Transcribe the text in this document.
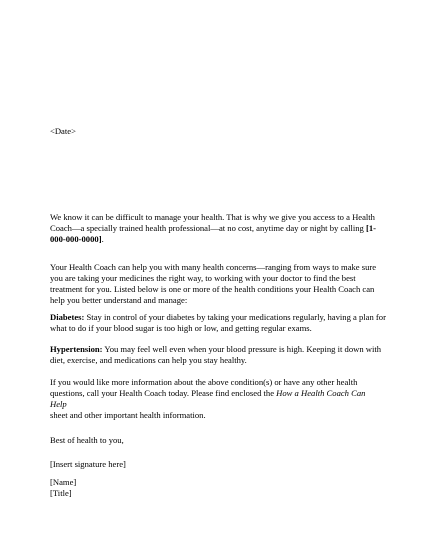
<Date>

We know it can be difficult to manage your health. That is why we give you access to a Health Coach—a specially trained health professional—at no cost, anytime day or night by calling [1-000-000-0000].

Your Health Coach can help you with many health concerns—ranging from ways to make sure you are taking your medicines the right way, to working with your doctor to find the best treatment for you. Listed below is one or more of the health conditions your Health Coach can help you better understand and manage:

Diabetes: Stay in control of your diabetes by taking your medications regularly, having a plan for what to do if your blood sugar is too high or low, and getting regular exams.

Hypertension: You may feel well even when your blood pressure is high. Keeping it down with diet, exercise, and medications can help you stay healthy.

If you would like more information about the above condition(s) or have any other health questions, call your Health Coach today. Please find enclosed the How a Health Coach Can Help
sheet and other important health information.

Best of health to you,

[Insert signature here]

[Name]

[Title]
